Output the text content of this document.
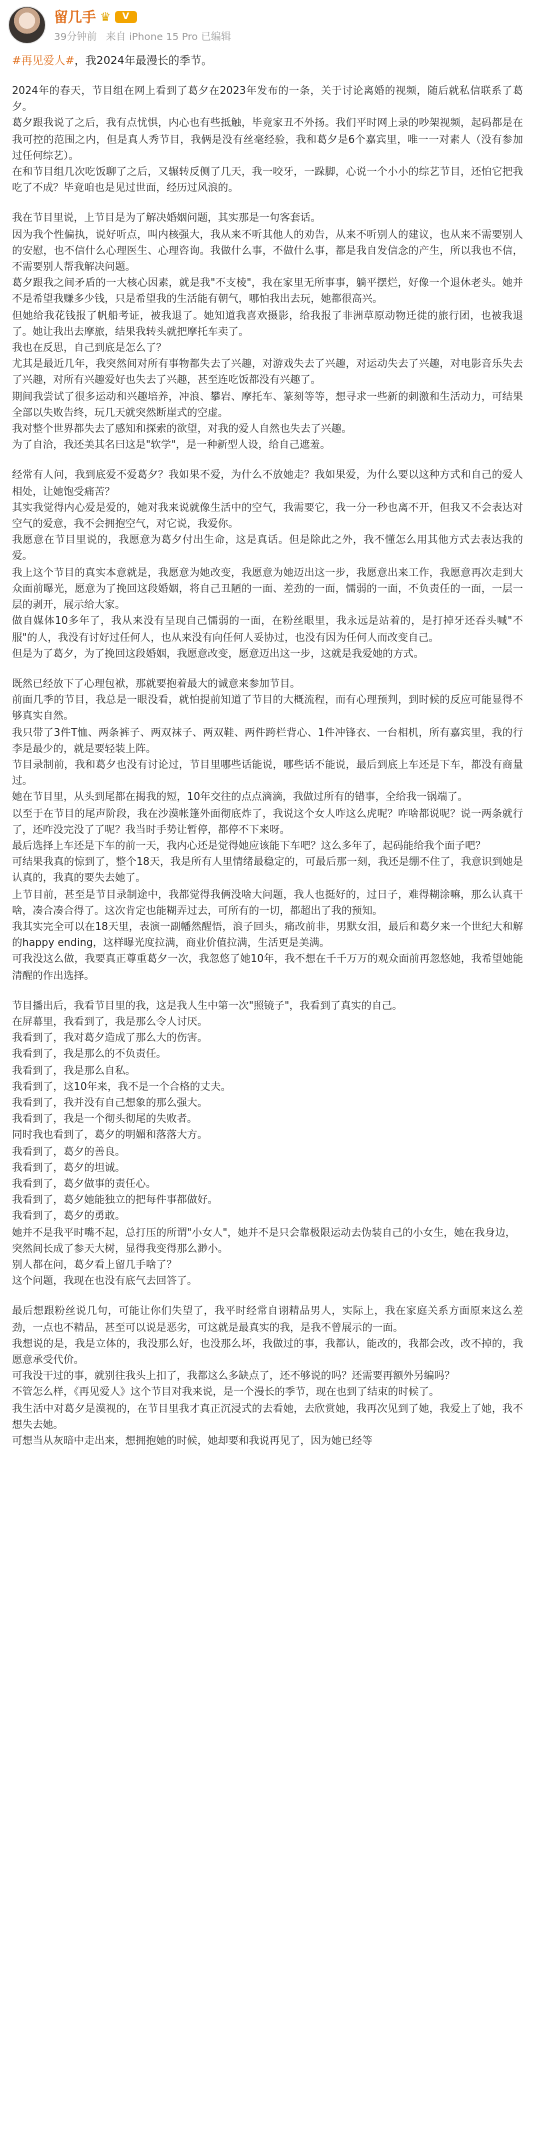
留几手 ♛	V
39分钟前 来自 iPhone 15 Pro 已编辑

#再见爱人#，我2024年最漫长的季节。

2024年的春天，节目组在网上看到了葛夕在2023年发布的一条，关于讨论离婚的视频，随后就私信联系了葛夕。

葛夕跟我说了之后，我有点忧惧，内心也有些抵触，毕竟家丑不外扬。我们平时网上录的吵架视频，起码都是在我可控的范围之内，但是真人秀节目，我俩是没有丝毫经验，我和葛夕是6个嘉宾里，唯一一对素人（没有参加过任何综艺）。

在和节目组几次吃饭聊了之后，又辗转反侧了几天，我一咬牙，一跺脚，心说一个小小的综艺节目，还怕它把我吃了不成？毕竟咱也是见过世面，经历过风浪的。

我在节目里说，上节目是为了解决婚姻问题，其实那是一句客套话。

因为我个性偏执，说好听点，叫内核强大，我从来不听其他人的劝告，从来不听别人的建议，也从来不需要别人的安慰，也不信什么心理医生、心理咨询。我做什么事，不做什么事，都是我自发信念的产生，所以我也不信，不需要别人帮我解决问题。

葛夕跟我之间矛盾的一大核心因素，就是我"不支棱"，我在家里无所事事，躺平摆烂，好像一个退休老头。她并不是希望我赚多少钱，只是希望我的生活能有朝气，哪怕我出去玩，她都很高兴。

但她给我花钱报了帆船考证，被我退了。她知道我喜欢摄影，给我报了非洲草原动物迁徙的旅行团，也被我退了。她让我出去摩旅，结果我转头就把摩托车卖了。

我也在反思，自己到底是怎么了？

尤其是最近几年，我突然间对所有事物都失去了兴趣，对游戏失去了兴趣，对运动失去了兴趣，对电影音乐失去了兴趣，对所有兴趣爱好也失去了兴趣，甚至连吃饭都没有兴趣了。

期间我尝试了很多运动和兴趣培养，冲浪、攀岩、摩托车、篆刻等等，想寻求一些新的刺激和生活动力，可结果全部以失败告终，玩几天就突然断崖式的空虚。

我对整个世界都失去了感知和探索的欲望，对我的爱人自然也失去了兴趣。

为了自洽，我还美其名曰这是"软学"，是一种新型人设，给自己遮羞。

经常有人问，我到底爱不爱葛夕？我如果不爱，为什么不放她走？我如果爱，为什么要以这种方式和自己的爱人相处，让她饱受痛苦？

其实我觉得内心爱是爱的，她对我来说就像生活中的空气，我需要它，我一分一秒也离不开，但我又不会表达对空气的爱意，我不会拥抱空气，对它说，我爱你。

我愿意在节目里说的，我愿意为葛夕付出生命，这是真话。但是除此之外，我不懂怎么用其他方式去表达我的爱。

我上这个节目的真实本意就是，我愿意为她改变，我愿意为她迈出这一步，我愿意出来工作，我愿意再次走到大众面前曝光，愿意为了挽回这段婚姻，将自己丑陋的一面、差劲的一面，懦弱的一面，不负责任的一面，一层一层的剥开，展示给大家。

做自媒体10多年了，我从来没有呈现自己懦弱的一面，在粉丝眼里，我永远是站着的，是打掉牙还吞头喊"不服"的人，我没有讨好过任何人，也从来没有向任何人妥协过，也没有因为任何人而改变自己。

但是为了葛夕，为了挽回这段婚姻，我愿意改变，愿意迈出这一步，这就是我爱她的方式。

既然已经放下了心理包袱，那就要抱着最大的诚意来参加节目。

前面几季的节目，我总是一眼没看，就怕提前知道了节目的大概流程，而有心理预判，到时候的反应可能显得不够真实自然。

我只带了3件T恤、两条裤子、两双袜子、两双鞋、两件跨栏背心、1件冲锋衣、一台相机，所有嘉宾里，我的行李是最少的，就是要轻装上阵。

节目录制前，我和葛夕也没有讨论过，节目里哪些话能说，哪些话不能说，最后到底上车还是下车，都没有商量过。

她在节目里，从头到尾都在揭我的短，10年交往的点点滴滴，我做过所有的错事，全给我一锅端了。

以至于在节目的尾声阶段，我在沙漠帐篷外面彻底炸了，我说这个女人咋这么虎呢？咋啥都说呢？说一两条就行了，还咋没完没了了呢？我当时手势让暂停，都停不下来呀。

最后选择上车还是下车的前一天，我内心还是觉得她应该能下车吧？这么多年了，起码能给我个面子吧？

可结果我真的惊到了，整个18天，我是所有人里情绪最稳定的，可最后那一刻，我还是绷不住了，我意识到她是认真的，我真的要失去她了。

上节目前，甚至是节目录制途中，我都觉得我俩没啥大问题，我人也挺好的，过日子，难得糊涂嘛，那么认真干啥，凑合凑合得了。这次肯定也能糊弄过去，可所有的一切，都超出了我的预知。

我其实完全可以在18天里，表演一副幡然醒悟，浪子回头，痛改前非，男默女泪，最后和葛夕来一个世纪大和解的happy ending，这样曝光度拉满，商业价值拉满，生活更是美满。

可我没这么做，我要真正尊重葛夕一次，我忽悠了她10年，我不想在千千万万的观众面前再忽悠她，我希望她能清醒的作出选择。

节目播出后，我看节目里的我，这是我人生中第一次"照镜子"，我看到了真实的自己。

在屏幕里，我看到了，我是那么令人讨厌。

我看到了，我对葛夕造成了那么大的伤害。

我看到了，我是那么的不负责任。

我看到了，我是那么自私。

我看到了，这10年来，我不是一个合格的丈夫。

我看到了，我并没有自己想象的那么强大。

我看到了，我是一个彻头彻尾的失败者。

同时我也看到了，葛夕的明媚和落落大方。

我看到了，葛夕的善良。

我看到了，葛夕的坦诚。

我看到了，葛夕做事的责任心。

我看到了，葛夕她能独立的把每件事都做好。

我看到了，葛夕的勇敢。

她并不是我平时嘴不起，总打压的所谓"小女人"，她并不是只会靠极限运动去伪装自己的小女生，她在我身边，突然间长成了参天大树，显得我变得那么渺小。

别人都在问，葛夕看上留几手啥了？

这个问题，我现在也没有底气去回答了。

最后想跟粉丝说几句，可能让你们失望了，我平时经常自诩精品男人，实际上，我在家庭关系方面原来这么差劲，一点也不精品，甚至可以说是恶劣，可这就是最真实的我，是我不曾展示的一面。

我想说的是，我是立体的，我没那么好，也没那么坏，我做过的事，我都认，能改的，我都会改，改不掉的，我愿意承受代价。

可我没干过的事，就别往我头上扣了，我都这么多缺点了，还不够说的吗？还需要再额外另编吗？

不管怎么样，《再见爱人》这个节目对我来说，是一个漫长的季节，现在也到了结束的时候了。

我生活中对葛夕是漠视的，在节目里我才真正沉浸式的去看她，去欣赏她，我再次见到了她，我爱上了她，我不想失去她。

可想当从灰暗中走出来，想拥抱她的时候，她却要和我说再见了，因为她已经等
